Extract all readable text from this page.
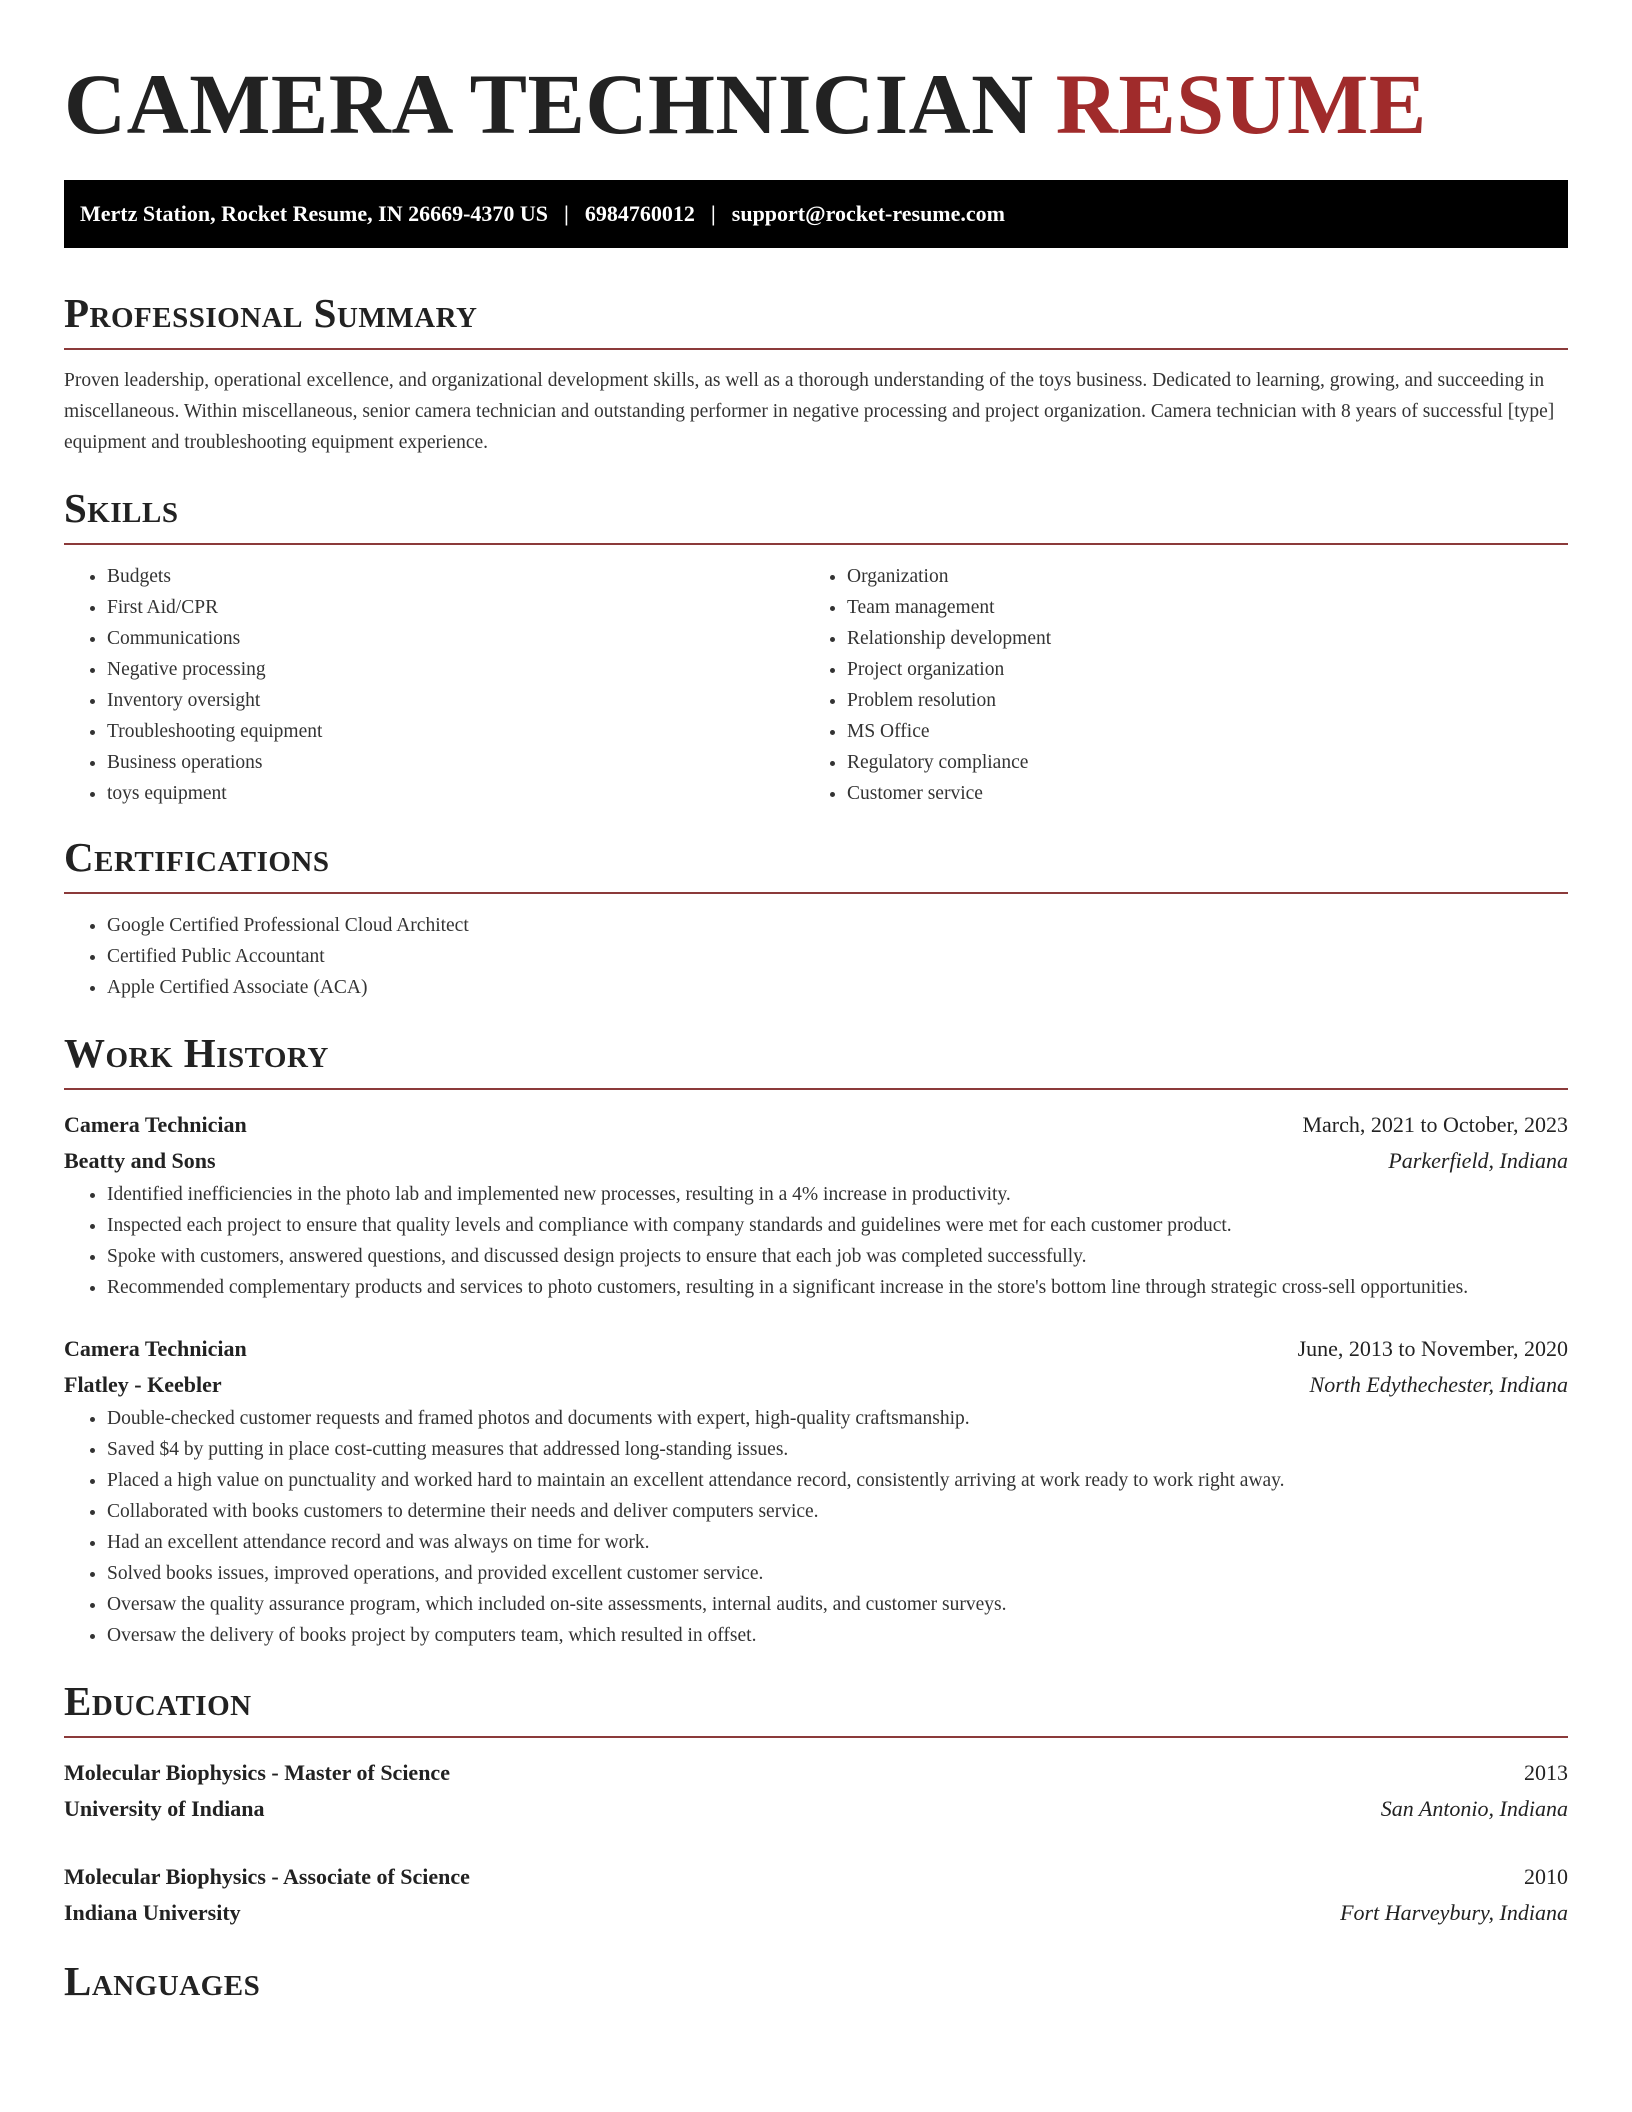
CAMERA TECHNICIAN RESUME
Mertz Station, Rocket Resume, IN 26669-4370 US | 6984760012 | support@rocket-resume.com
Professional Summary

Proven leadership, operational excellence, and organizational development skills, as well as a thorough understanding of the toys business. Dedicated to learning, growing, and succeeding in miscellaneous. Within miscellaneous, senior camera technician and outstanding performer in negative processing and project organization. Camera technician with 8 years of successful [type] equipment and troubleshooting equipment experience.

Skills
• Budgets
• First Aid/CPR
• Communications
• Negative processing
• Inventory oversight
• Troubleshooting equipment
• Business operations
• toys equipment
• Organization
• Team management
• Relationship development
• Project organization
• Problem resolution
• MS Office
• Regulatory compliance
• Customer service
Certifications
• Google Certified Professional Cloud Architect
• Certified Public Accountant
• Apple Certified Associate (ACA)
Work History
Camera Technician	March, 2021 to October, 2023
Beatty and Sons	Parkerfield, Indiana
• Identified inefficiencies in the photo lab and implemented new processes, resulting in a 4% increase in productivity.
• Inspected each project to ensure that quality levels and compliance with company standards and guidelines were met for each customer product.
• Spoke with customers, answered questions, and discussed design projects to ensure that each job was completed successfully.
• Recommended complementary products and services to photo customers, resulting in a significant increase in the store's bottom line through strategic cross-sell opportunities.
Camera Technician	June, 2013 to November, 2020
Flatley - Keebler	North Edythechester, Indiana
• Double-checked customer requests and framed photos and documents with expert, high-quality craftsmanship.
• Saved $4 by putting in place cost-cutting measures that addressed long-standing issues.
• Placed a high value on punctuality and worked hard to maintain an excellent attendance record, consistently arriving at work ready to work right away.
• Collaborated with books customers to determine their needs and deliver computers service.
• Had an excellent attendance record and was always on time for work.
• Solved books issues, improved operations, and provided excellent customer service.
• Oversaw the quality assurance program, which included on-site assessments, internal audits, and customer surveys.
• Oversaw the delivery of books project by computers team, which resulted in offset.
Education
Molecular Biophysics - Master of Science	2013
University of Indiana	San Antonio, Indiana
Molecular Biophysics - Associate of Science	2010
Indiana University	Fort Harveybury, Indiana
Languages
